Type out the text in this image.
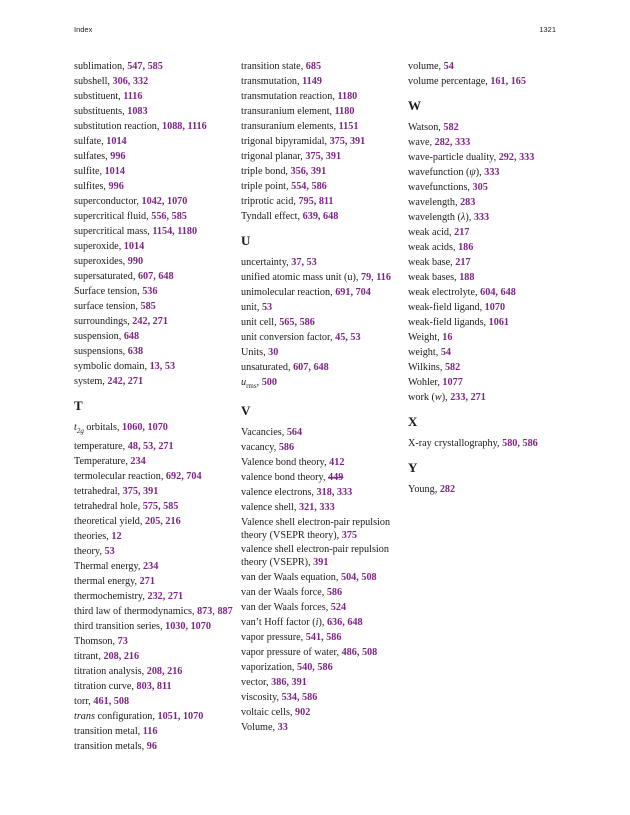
Index	1321
sublimation, 547, 585
subshell, 306, 332
substituent, 1116
substituents, 1083
substitution reaction, 1088, 1116
sulfate, 1014
sulfates, 996
sulfite, 1014
sulfites, 996
superconductor, 1042, 1070
supercritical fluid, 556, 585
supercritical mass, 1154, 1180
superoxide, 1014
superoxides, 990
supersaturated, 607, 648
Surface tension, 536
surface tension, 585
surroundings, 242, 271
suspension, 648
suspensions, 638
symbolic domain, 13, 53
system, 242, 271
T
$t_{2g}$ orbitals, 1060, 1070
temperature, 48, 53, 271
Temperature, 234
termolecular reaction, 692, 704
tetrahedral, 375, 391
tetrahedral hole, 575, 585
theoretical yield, 205, 216
theories, 12
theory, 53
Thermal energy, 234
thermal energy, 271
thermochemistry, 232, 271
third law of thermodynamics, 873, 887
third transition series, 1030, 1070
Thomson, 73
titrant, 208, 216
titration analysis, 208, 216
titration curve, 803, 811
torr, 461, 508
trans configuration, 1051, 1070
transition metal, 116
transition metals, 96
transition state, 685
transmutation, 1149
transmutation reaction, 1180
transuranium element, 1180
transuranium elements, 1151
trigonal bipyramidal, 375, 391
trigonal planar, 375, 391
triple bond, 356, 391
triple point, 554, 586
triprotic acid, 795, 811
Tyndall effect, 639, 648
U
uncertainty, 37, 53
unified atomic mass unit (u), 79, 116
unimolecular reaction, 691, 704
unit, 53
unit cell, 565, 586
unit conversion factor, 45, 53
Units, 30
unsaturated, 607, 648
$u_{rms}$, 500
V
Vacancies, 564
vacancy, 586
Valence bond theory, 412
valence bond theory, 449
valence electrons, 318, 333
valence shell, 321, 333
Valence shell electron-pair repulsion theory (VSEPR theory), 375
valence shell electron-pair repulsion theory (VSEPR), 391
van der Waals equation, 504, 508
van der Waals force, 586
van der Waals forces, 524
van’t Hoff factor (i), 636, 648
vapor pressure, 541, 586
vapor pressure of water, 486, 508
vaporization, 540, 586
vector, 386, 391
viscosity, 534, 586
voltaic cells, 902
Volume, 33
volume, 54
volume percentage, 161, 165
W
Watson, 582
wave, 282, 333
wave-particle duality, 292, 333
wavefunction (ψ), 333
wavefunctions, 305
wavelength, 283
wavelength (λ), 333
weak acid, 217
weak acids, 186
weak base, 217
weak bases, 188
weak electrolyte, 604, 648
weak-field ligand, 1070
weak-field ligands, 1061
Weight, 16
weight, 54
Wilkins, 582
Wohler, 1077
work (w), 233, 271
X
X-ray crystallography, 580, 586
Y
Young, 282
